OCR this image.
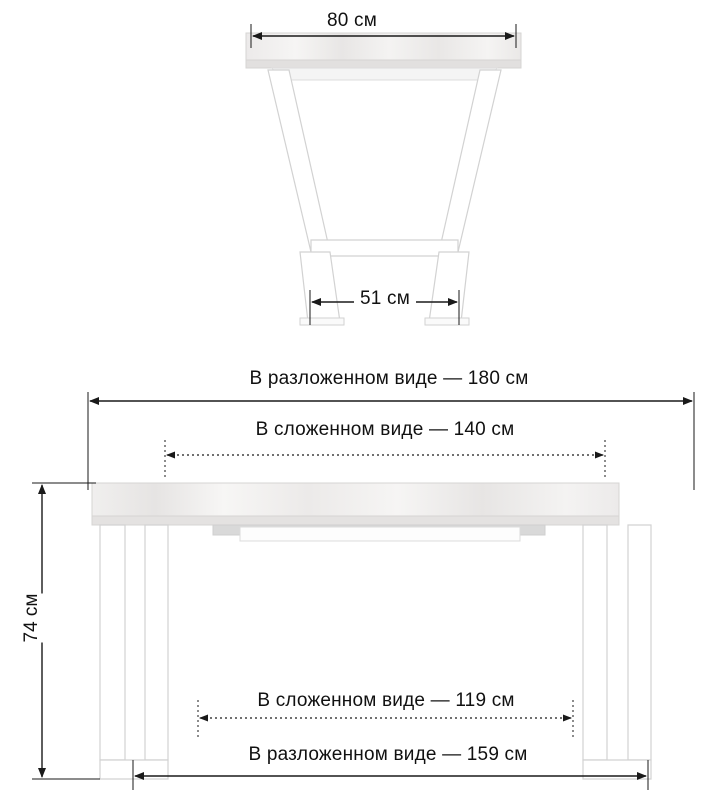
80 см
51 см
В разложенном виде — 180 см
В сложенном виде — 140 см
74 см
В сложенном виде — 119 см
В разложенном виде — 159 см
